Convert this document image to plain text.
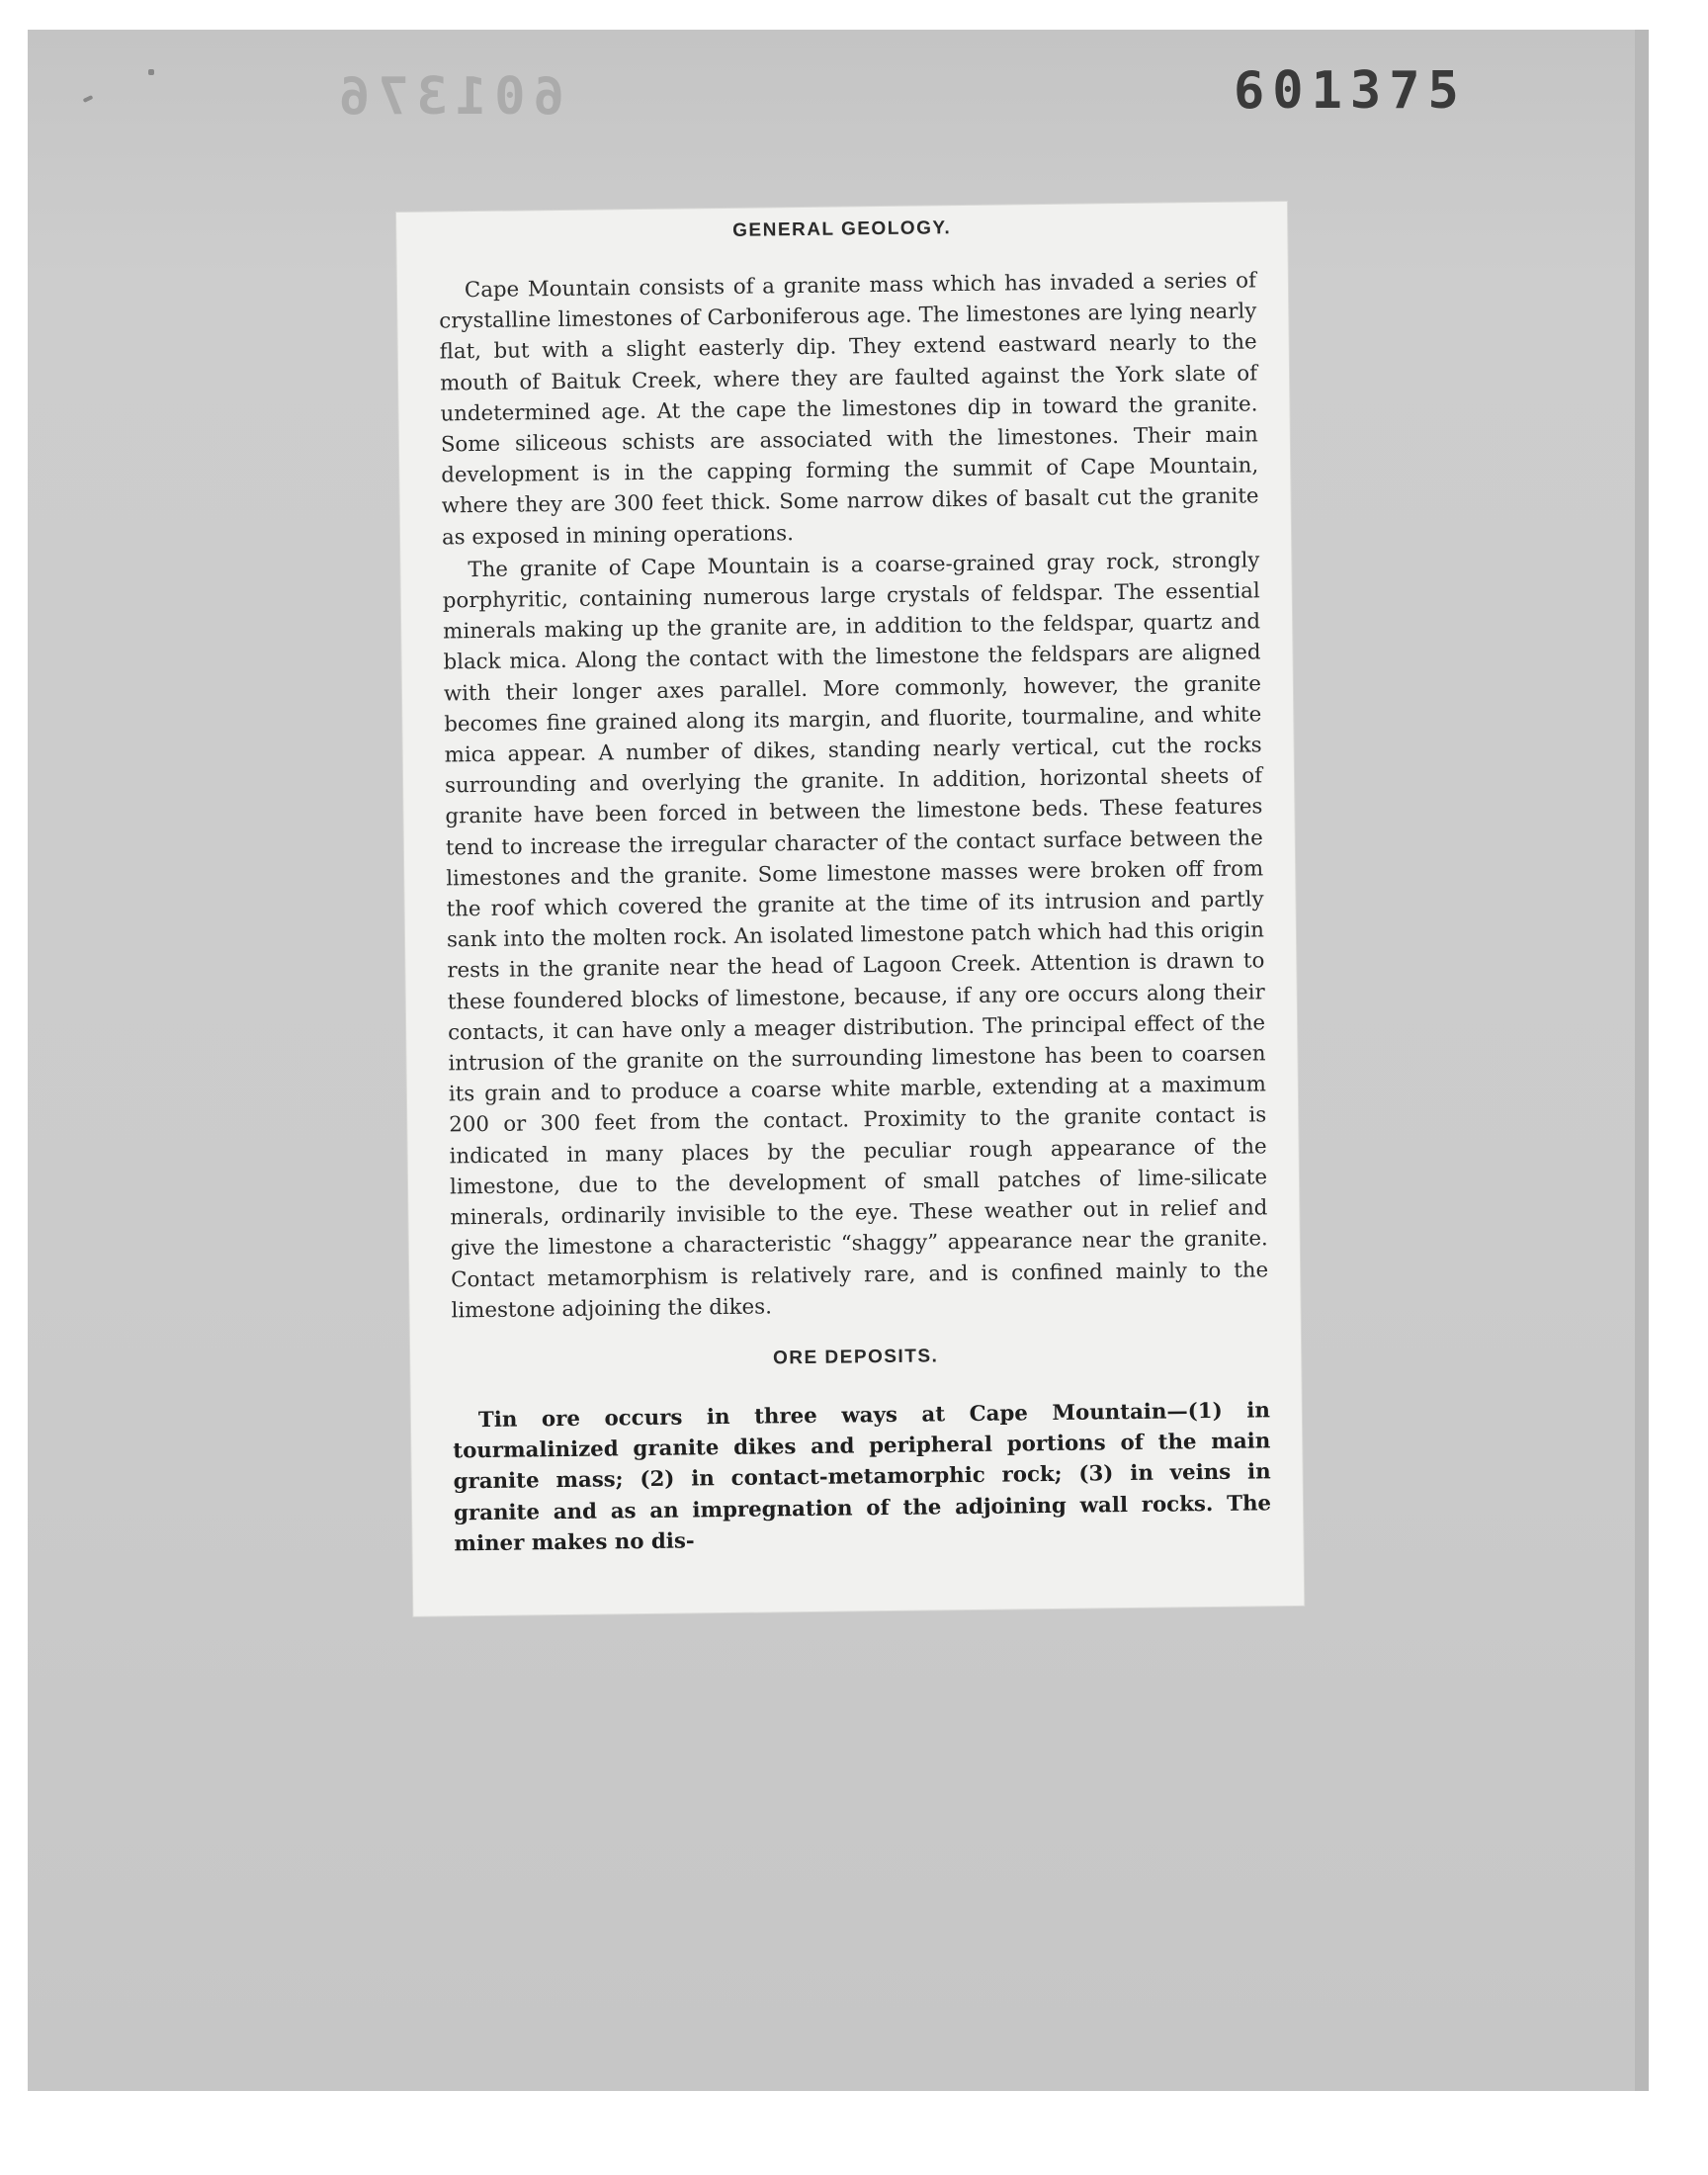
601376	601375
GENERAL GEOLOGY.

Cape Mountain consists of a granite mass which has invaded a series of crystalline limestones of Carboniferous age. The limestones are lying nearly flat, but with a slight easterly dip. They extend eastward nearly to the mouth of Baituk Creek, where they are faulted against the York slate of undetermined age. At the cape the limestones dip in toward the granite. Some siliceous schists are associated with the limestones. Their main development is in the capping forming the summit of Cape Mountain, where they are 300 feet thick. Some narrow dikes of basalt cut the granite as exposed in mining operations.

The granite of Cape Mountain is a coarse-grained gray rock, strongly porphyritic, containing numerous large crystals of feldspar. The essential minerals making up the granite are, in addition to the feldspar, quartz and black mica. Along the contact with the limestone the feldspars are aligned with their longer axes parallel. More commonly, however, the granite becomes fine grained along its margin, and fluorite, tourmaline, and white mica appear. A number of dikes, standing nearly vertical, cut the rocks surrounding and overlying the granite. In addition, horizontal sheets of granite have been forced in between the limestone beds. These features tend to increase the irregular character of the contact surface between the limestones and the granite. Some limestone masses were broken off from the roof which covered the granite at the time of its intrusion and partly sank into the molten rock. An isolated limestone patch which had this origin rests in the granite near the head of Lagoon Creek. Attention is drawn to these foundered blocks of limestone, because, if any ore occurs along their contacts, it can have only a meager distribution. The principal effect of the intrusion of the granite on the surrounding limestone has been to coarsen its grain and to produce a coarse white marble, extending at a maximum 200 or 300 feet from the contact. Proximity to the granite contact is indicated in many places by the peculiar rough appearance of the limestone, due to the development of small patches of lime-silicate minerals, ordinarily invisible to the eye. These weather out in relief and give the limestone a characteristic “shaggy” appearance near the granite. Contact metamorphism is relatively rare, and is confined mainly to the limestone adjoining the dikes.

ORE DEPOSITS.

Tin ore occurs in three ways at Cape Mountain—(1) in tourmalinized granite dikes and peripheral portions of the main granite mass; (2) in contact-metamorphic rock; (3) in veins in granite and as an impregnation of the adjoining wall rocks. The miner makes no dis-
